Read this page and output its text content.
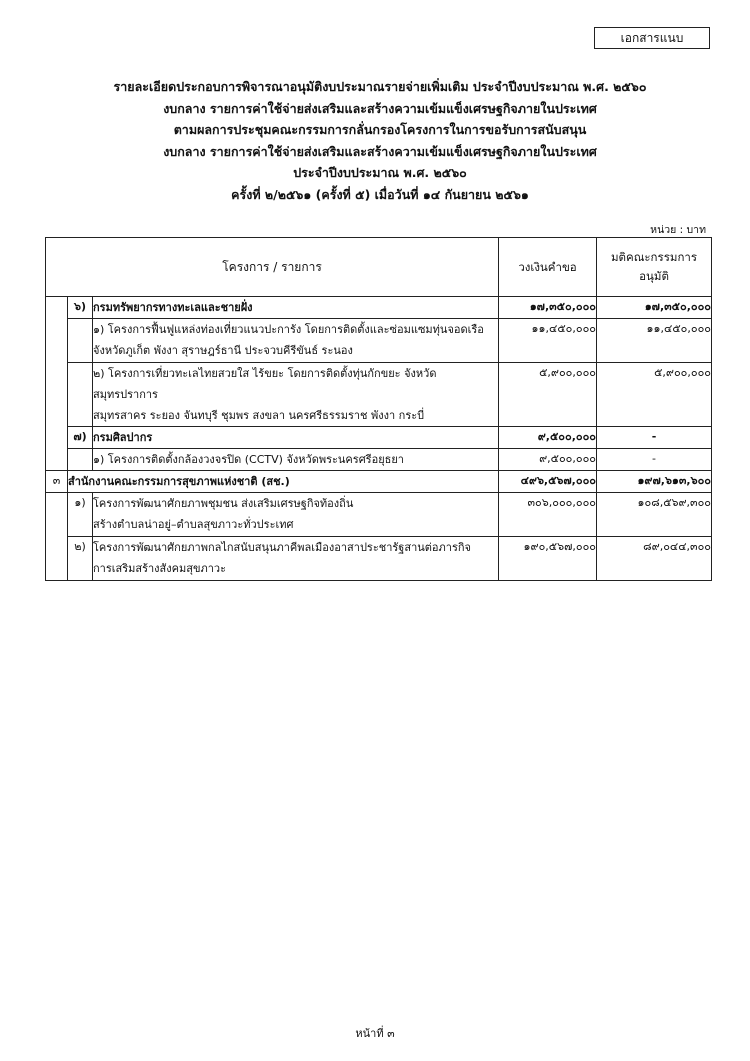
เอกสารแนบ
รายละเอียดประกอบการพิจารณาอนุมัติงบประมาณรายจ่ายเพิ่มเติม ประจำปีงบประมาณ พ.ศ. ๒๕๖๐
งบกลาง รายการค่าใช้จ่ายส่งเสริมและสร้างความเข้มแข็งเศรษฐกิจภายในประเทศ
ตามผลการประชุมคณะกรรมการกลั่นกรองโครงการในการขอรับการสนับสนุน
งบกลาง รายการค่าใช้จ่ายส่งเสริมและสร้างความเข้มแข็งเศรษฐกิจภายในประเทศ
ประจำปีงบประมาณ พ.ศ. ๒๕๖๐
ครั้งที่ ๒/๒๕๖๑ (ครั้งที่ ๕) เมื่อวันที่ ๑๔ กันยายน ๒๕๖๑
หน่วย : บาท
โครงการ / รายการ			วงเงินคำขอ	มติคณะกรรมการ
อนุมัติ

	๖)	กรมทรัพยากรทางทะเลและชายฝั่ง	๑๗,๓๕๐,๐๐๐	๑๗,๓๕๐,๐๐๐

		๑) โครงการฟื้นฟูแหล่งท่องเที่ยวแนวปะการัง โดยการติดตั้งและซ่อมแซมทุ่นจอดเรือ
จังหวัดภูเก็ต พังงา สุราษฎร์ธานี ประจวบคีรีขันธ์ ระนอง	๑๑,๔๕๐,๐๐๐	๑๑,๔๕๐,๐๐๐

		๒) โครงการเที่ยวทะเลไทยสวยใส ไร้ขยะ โดยการติดตั้งทุ่นกักขยะ จังหวัดสมุทรปราการ
สมุทรสาคร ระยอง จันทบุรี ชุมพร สงขลา นครศรีธรรมราช พังงา กระบี่	๕,๙๐๐,๐๐๐	๕,๙๐๐,๐๐๐
	๗)	กรมศิลปากร	๙,๕๐๐,๐๐๐	-
		๑) โครงการติดตั้งกล้องวงจรปิด (CCTV) จังหวัดพระนครศรีอยุธยา	๙,๕๐๐,๐๐๐	-
๓	สำนักงานคณะกรรมการสุขภาพแห่งชาติ (สช.)		๔๙๖,๕๖๗,๐๐๐	๑๙๗,๖๑๓,๖๐๐
	๑)	โครงการพัฒนาศักยภาพชุมชน ส่งเสริมเศรษฐกิจท้องถิ่น
สร้างตำบลน่าอยู่–ตำบลสุขภาวะทั่วประเทศ	๓๐๖,๐๐๐,๐๐๐	๑๐๘,๕๖๙,๓๐๐
	๒)	โครงการพัฒนาศักยภาพกลไกสนับสนุนภาคีพลเมืองอาสาประชารัฐสานต่อภารกิจ
การเสริมสร้างสังคมสุขภาวะ	๑๙๐,๕๖๗,๐๐๐	๘๙,๐๔๔,๓๐๐
หน้าที่ ๓
